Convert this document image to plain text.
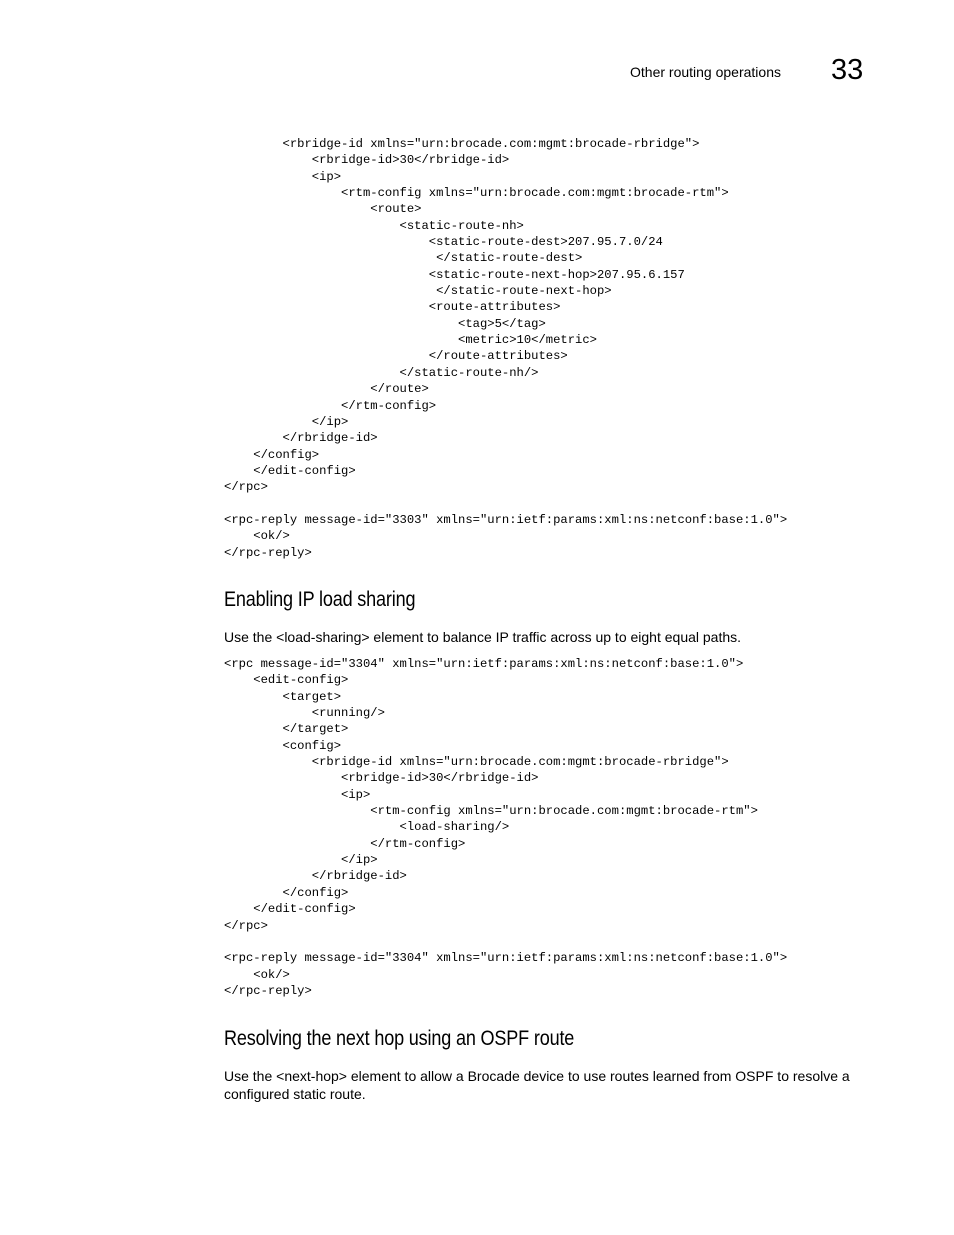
Other routing operations 33
<rbridge-id xmlns="urn:brocade.com:mgmt:brocade-rbridge">
<rbridge-id>30</rbridge-id>
<ip>
<rtm-config xmlns="urn:brocade.com:mgmt:brocade-rtm">
<route>
<static-route-nh>
<static-route-dest>207.95.7.0/24
</static-route-dest>
<static-route-next-hop>207.95.6.157
</static-route-next-hop>
<route-attributes>
<tag>5</tag>
<metric>10</metric>
</route-attributes>
</static-route-nh/>
</route>
</rtm-config>
</ip>
</rbridge-id>
</config>
</edit-config>
</rpc>
<rpc-reply message-id="3303" xmlns="urn:ietf:params:xml:ns:netconf:base:1.0">
<ok/>
</rpc-reply>
Enabling IP load sharing

Use the <load-sharing> element to balance IP traffic across up to eight equal paths.

<rpc message-id="3304" xmlns="urn:ietf:params:xml:ns:netconf:base:1.0">
<edit-config>
<target>
<running/>
</target>
<config>
<rbridge-id xmlns="urn:brocade.com:mgmt:brocade-rbridge">
<rbridge-id>30</rbridge-id>
<ip>
<rtm-config xmlns="urn:brocade.com:mgmt:brocade-rtm">
<load-sharing/>
</rtm-config>
</ip>
</rbridge-id>
</config>
</edit-config>
</rpc>
<rpc-reply message-id="3304" xmlns="urn:ietf:params:xml:ns:netconf:base:1.0">
<ok/>
</rpc-reply>
Resolving the next hop using an OSPF route

Use the <next-hop> element to allow a Brocade device to use routes learned from OSPF to resolve a configured static route.
